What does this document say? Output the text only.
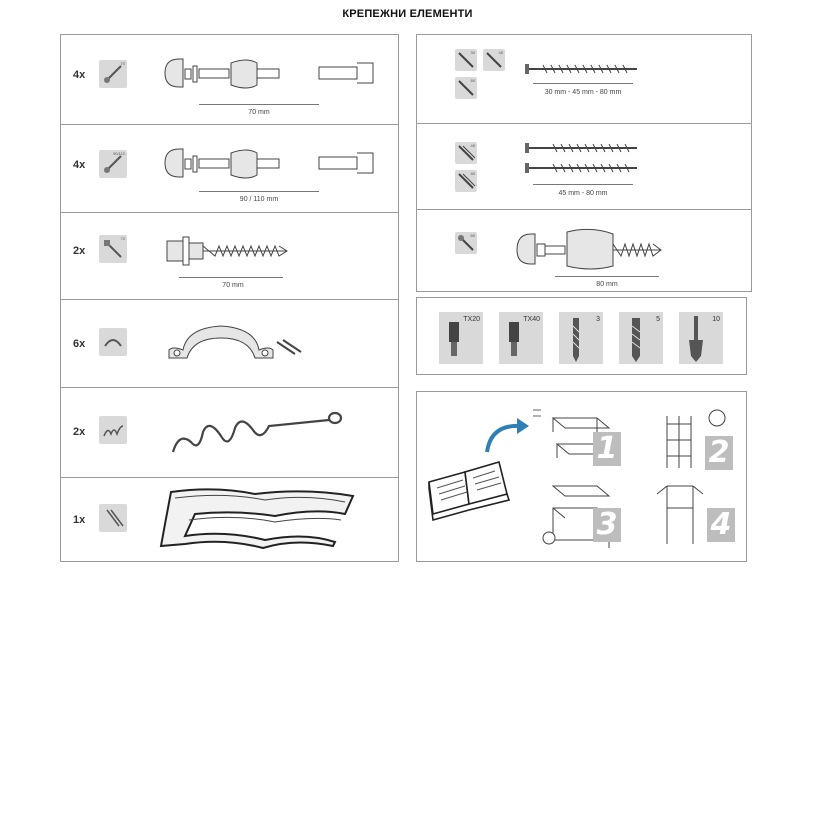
КРЕПЕЖНИ ЕЛЕМЕНТИ
4x
70
70 mm
4x
90/110
90 / 110 mm
2x
70
70 mm
6x
2x
1x
30	45
80
30 mm - 45 mm - 80 mm
45
80
45 mm - 80 mm
80
80 mm
TX20	TX40	3	5	10
1	2
3	4
